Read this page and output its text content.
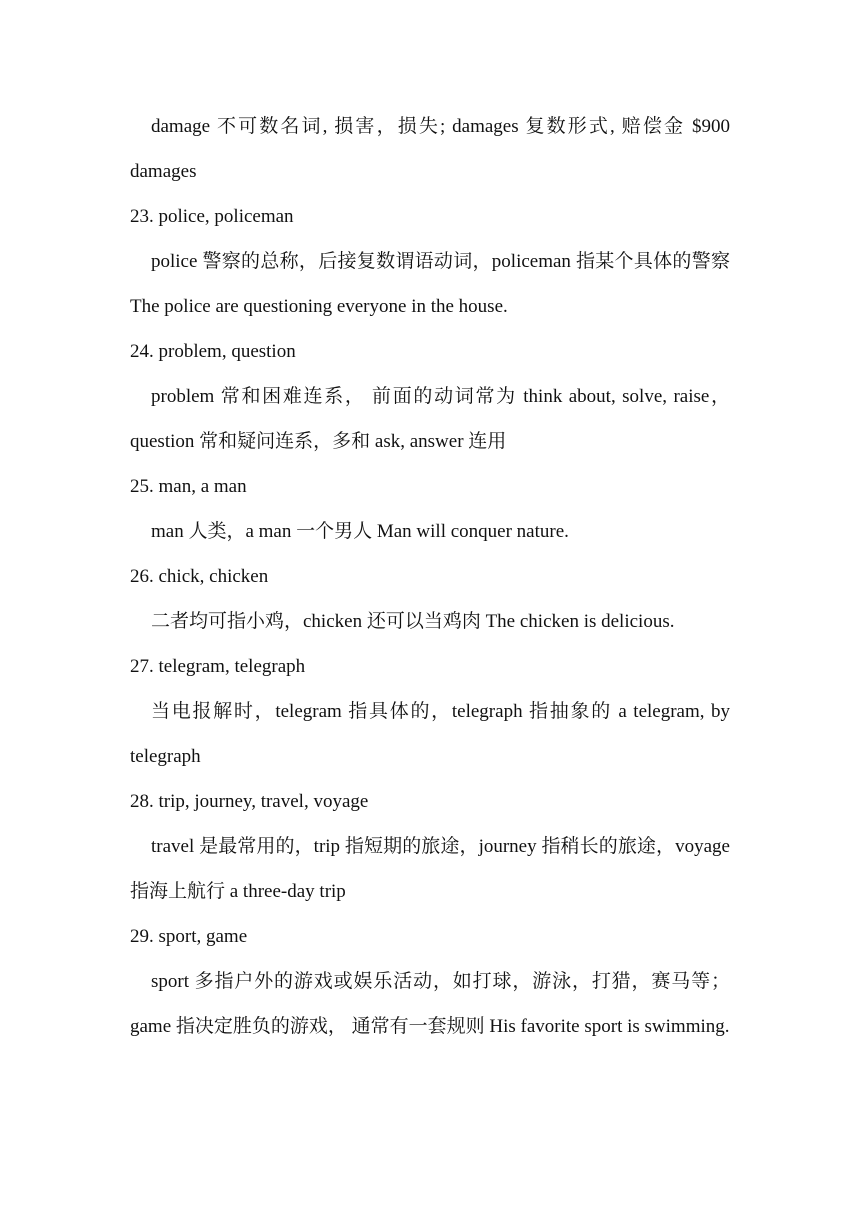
damage 不可数名词, 损害，损失; damages 复数形式, 赔偿金 $900 damages

23. police, policeman

police 警察的总称，后接复数谓语动词，policeman 指某个具体的警察 The police are questioning everyone in the house.

24. problem, question

problem 常和困难连系， 前面的动词常为 think about, solve, raise，question 常和疑问连系，多和 ask, answer 连用

25. man, a man

man 人类，a man 一个男人 Man will conquer nature.

26. chick, chicken

二者均可指小鸡，chicken 还可以当鸡肉 The chicken is delicious.

27. telegram, telegraph

当电报解时，telegram 指具体的，telegraph 指抽象的 a telegram, by telegraph

28. trip, journey, travel, voyage

travel 是最常用的，trip 指短期的旅途，journey 指稍长的旅途，voyage 指海上航行 a three-day trip

29. sport, game

sport 多指户外的游戏或娱乐活动，如打球，游泳，打猎，赛马等；game 指决定胜负的游戏， 通常有一套规则 His favorite sport is swimming.
